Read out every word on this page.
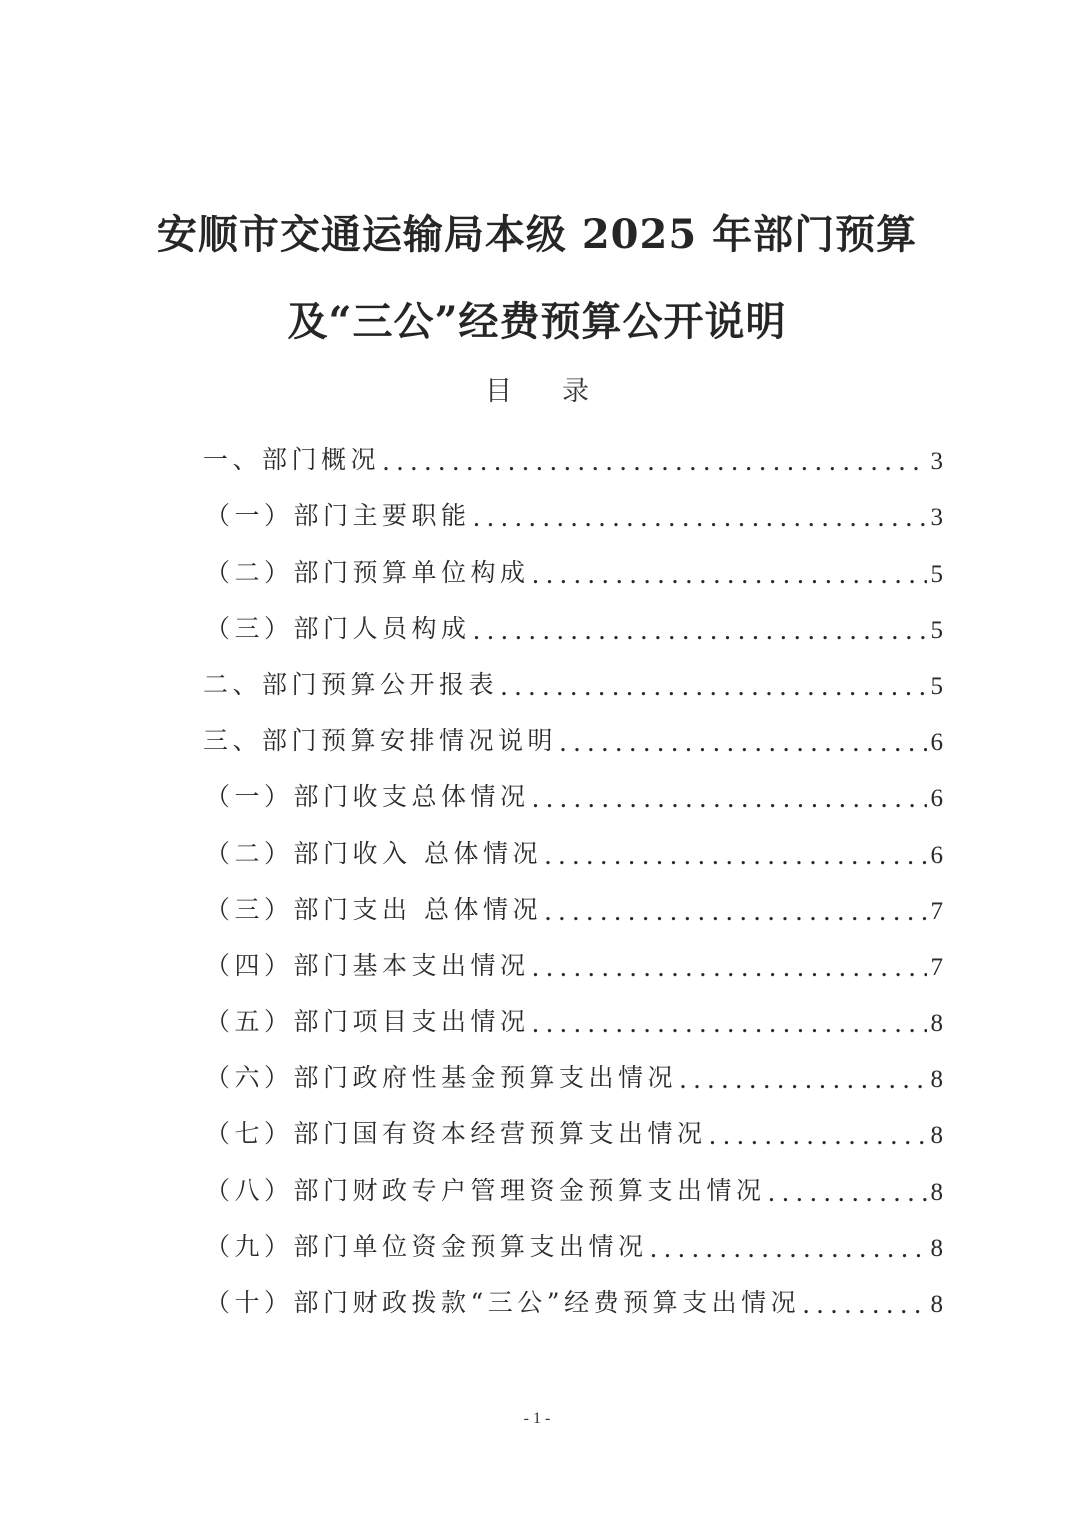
安顺市交通运输局本级 2025 年部门预算
及“三公”经费预算公开说明
目录
一、部门概况 .....	3
（一）部门主要职能 .....	3
（二）部门预算单位构成 .....	5
（三）部门人员构成 .....	5
二、部门预算公开报表 .....	5
三、部门预算安排情况说明 .....	6
（一）部门收支总体情况 .....	6
（二）部门收入 总体情况 .....	6
（三）部门支出 总体情况 .....	7
（四）部门基本支出情况 .....	7
（五）部门项目支出情况 .....	8
（六）部门政府性基金预算支出情况 .....	8
（七）部门国有资本经营预算支出情况 .....	8
（八）部门财政专户管理资金预算支出情况 .....	8
（九）部门单位资金预算支出情况 .....	8
（十）部门财政拨款“三公”经费预算支出情况 .....	8
- 1 -
